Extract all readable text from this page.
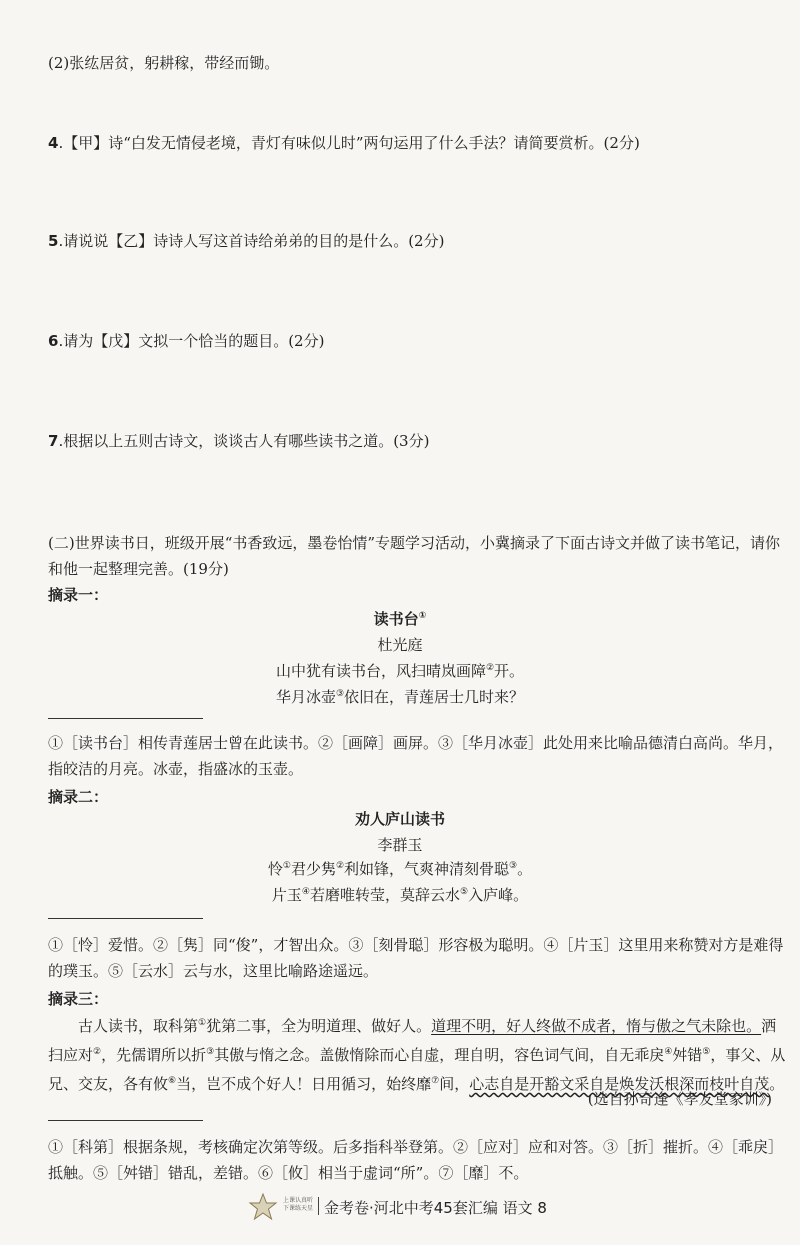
(2)张纮居贫，躬耕稼，带经而锄。
4.【甲】诗“白发无情侵老境，青灯有味似儿时”两句运用了什么手法？请简要赏析。(2分)
5.请说说【乙】诗诗人写这首诗给弟弟的目的是什么。(2分)
6.请为【戊】文拟一个恰当的题目。(2分)
7.根据以上五则古诗文，谈谈古人有哪些读书之道。(3分)
(二)世界读书日，班级开展“书香致远，墨卷怡情”专题学习活动，小冀摘录了下面古诗文并做了读书笔记，请你和他一起整理完善。(19分)
摘录一：
读书台①
杜光庭
山中犹有读书台，风扫晴岚画障②开。
华月冰壶③依旧在，青莲居士几时来？
①［读书台］相传青莲居士曾在此读书。②［画障］画屏。③［华月冰壶］此处用来比喻品德清白高尚。华月，指皎洁的月亮。冰壶，指盛冰的玉壶。
摘录二：
劝人庐山读书
李群玉
怜①君少隽②利如锋，气爽神清刻骨聪③。
片玉④若磨唯转莹，莫辞云水⑤入庐峰。
①［怜］爱惜。②［隽］同“俊”，才智出众。③［刻骨聪］形容极为聪明。④［片玉］这里用来称赞对方是难得的璞玉。⑤［云水］云与水，这里比喻路途遥远。
摘录三：
古人读书，取科第①犹第二事，全为明道理、做好人。道理不明，好人终做不成者，惰与傲之气未除也。洒扫应对②，先儒谓所以折③其傲与惰之念。盖傲惰除而心自虚，理自明，容色词气间，自无乖戾④舛错⑤，事父、从兄、交友，各有攸⑥当，岂不成个好人！日用循习，始终靡⑦间，心志自是开豁文采自是焕发沃根深而枝叶自茂。
(选自孙奇逢《孝友堂家训》)
①［科第］根据条规，考核确定次第等级。后多指科举登第。②［应对］应和对答。③［折］摧折。④［乖戾］抵触。⑤［舛错］错乱，差错。⑥［攸］相当于虚词“所”。⑦［靡］不。
上课认真听
下课练天星 金考卷·河北中考45套汇编 语文 8
